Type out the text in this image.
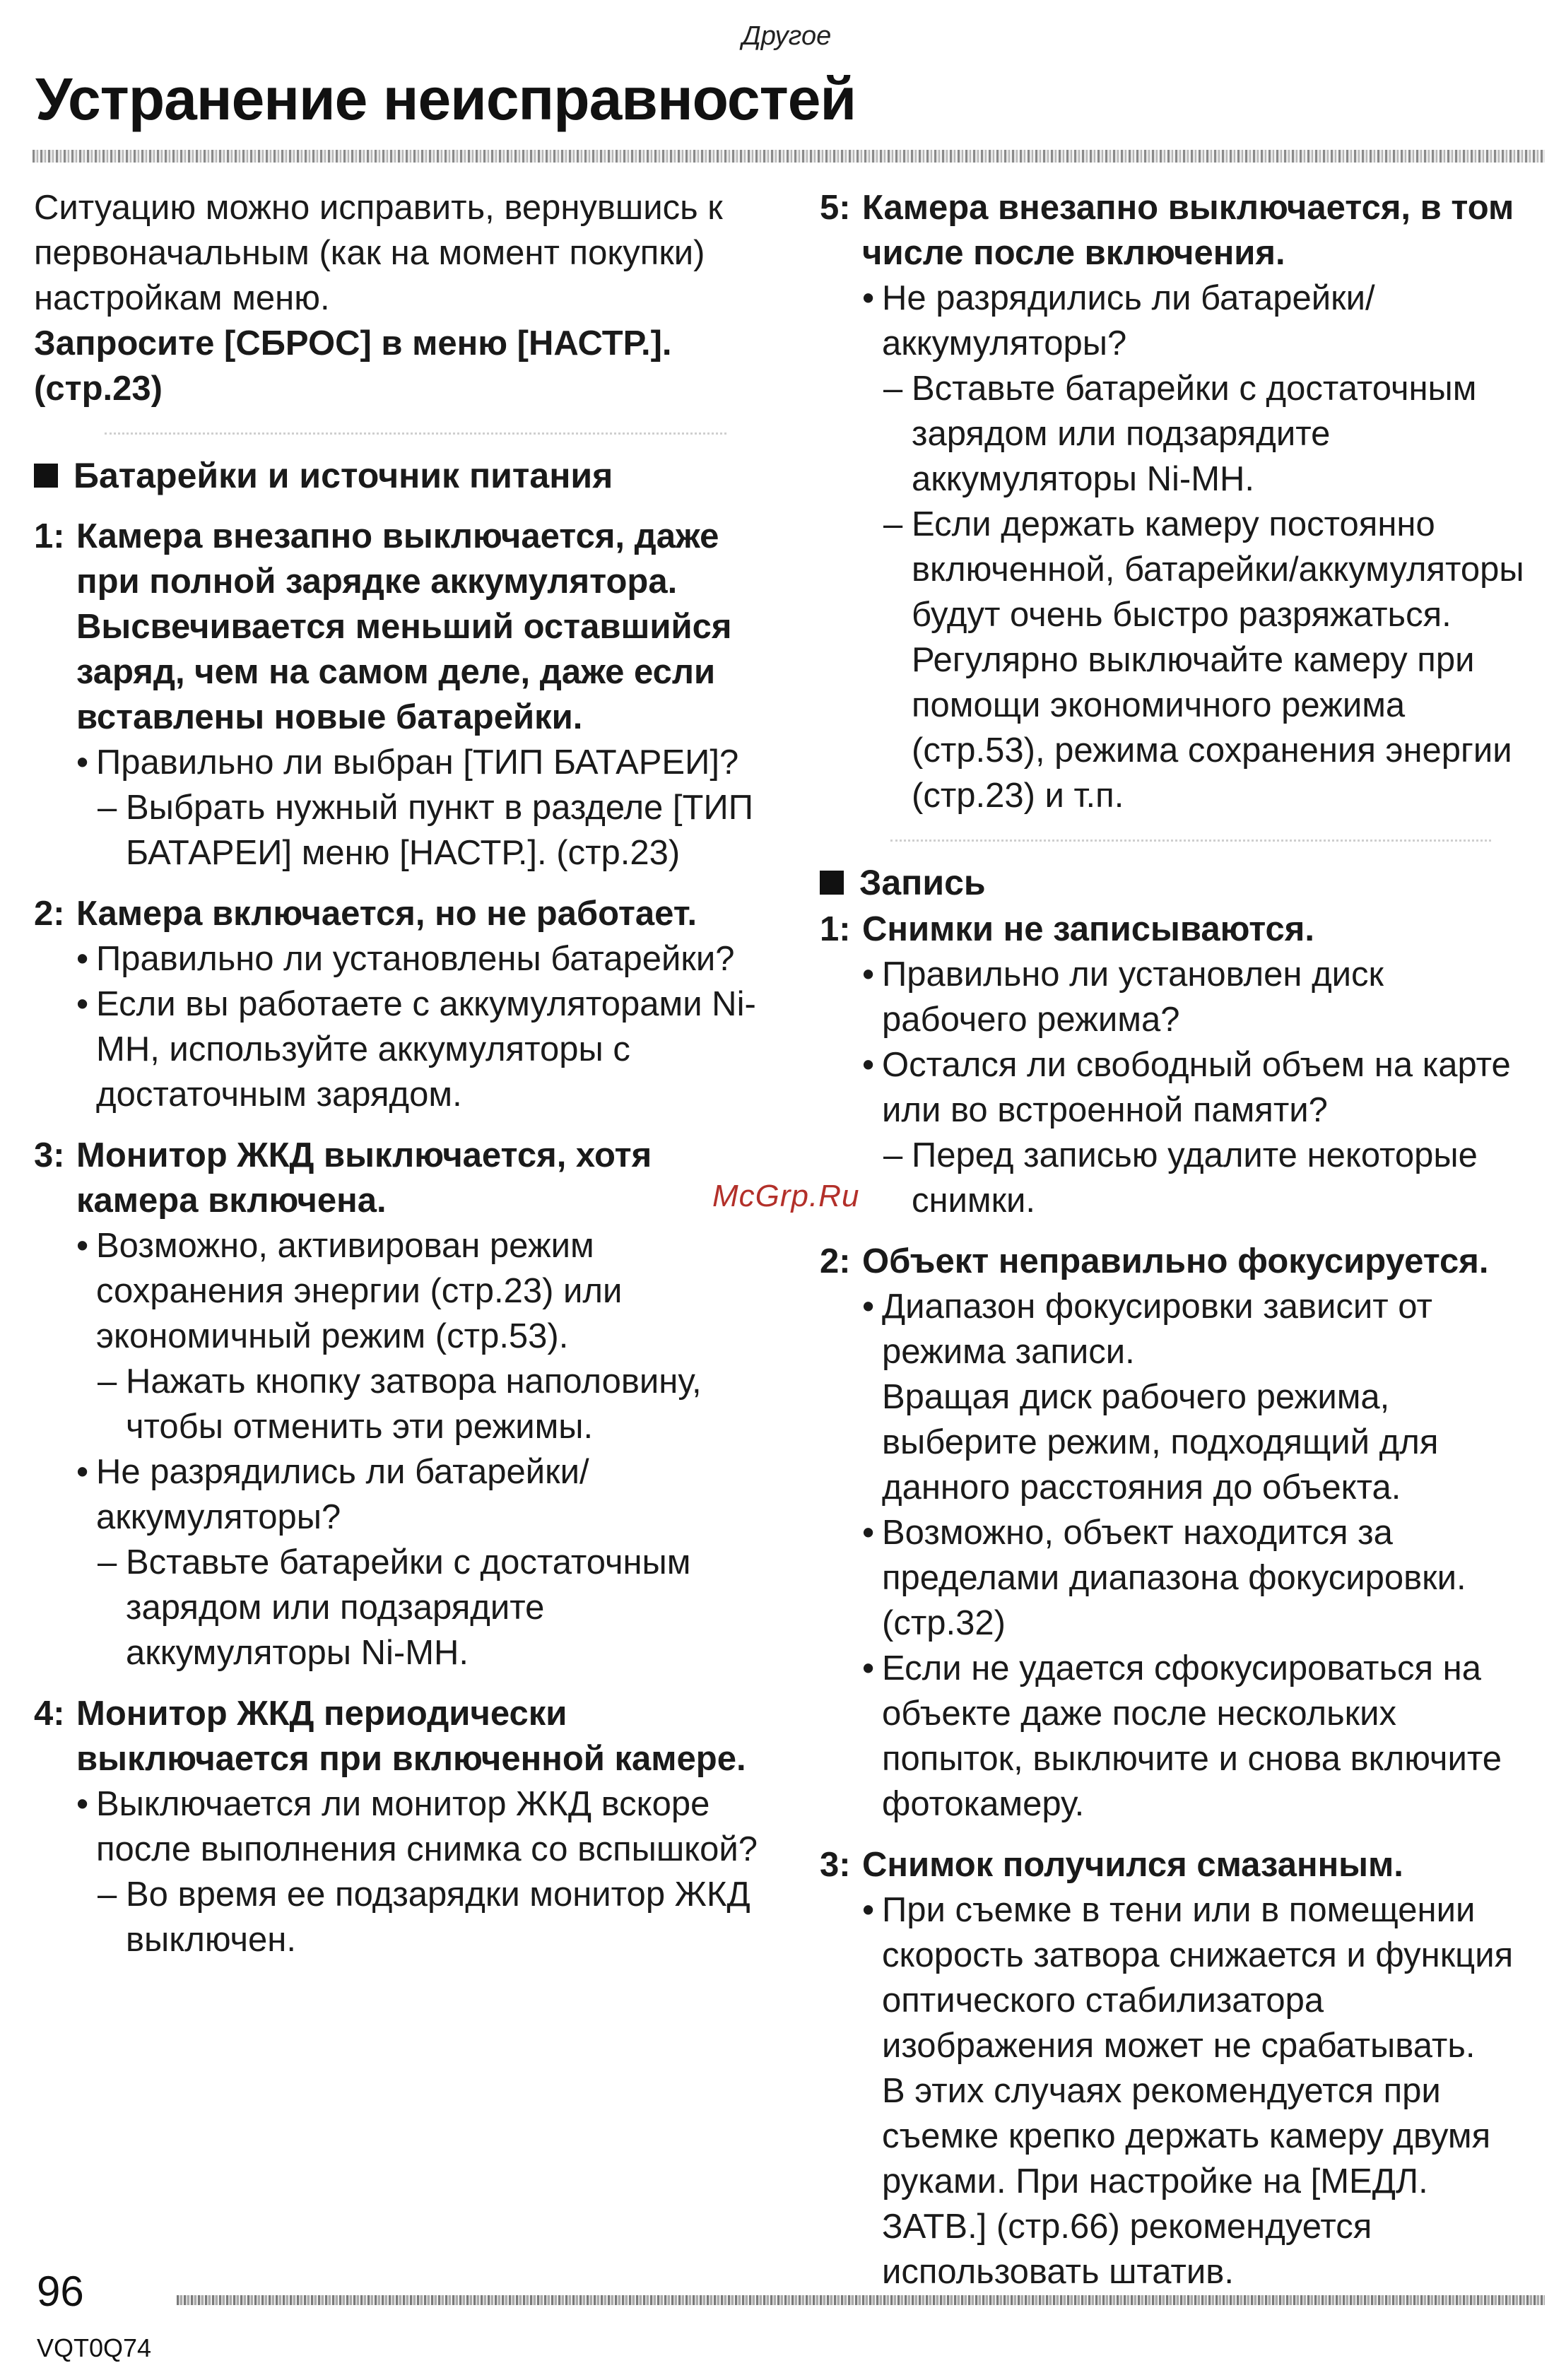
Другое
Устранение неисправностей

Ситуацию можно исправить, вернувшись к первоначальным (как на момент покупки) настройкам меню.

Запросите [СБРОС] в меню [НАСТР.]. (стр.23)

Батарейки и источник питания

1: Камера внезапно выключается, даже при полной зарядке аккумулятора. Высвечивается меньший оставшийся заряд, чем на самом деле, даже если вставлены новые батарейки.
• Правильно ли выбран [ТИП БАТАРЕИ]?
– Выбрать нужный пункт в разделе [ТИП БАТАРЕИ] меню [НАСТР.]. (стр.23)
2: Камера включается, но не работает.
• Правильно ли установлены батарейки?
• Если вы работаете с аккумуляторами Ni-MH, используйте аккумуляторы с достаточным зарядом.
3: Монитор ЖКД выключается, хотя камера включена.
• Возможно, активирован режим сохранения энергии (стр.23) или экономичный режим (стр.53).
– Нажать кнопку затвора наполовину, чтобы отменить эти режимы.
• Не разрядились ли батарейки/аккумуляторы?
– Вставьте батарейки с достаточным зарядом или подзарядите аккумуляторы Ni-MH.
4: Монитор ЖКД периодически выключается при включенной камере.
• Выключается ли монитор ЖКД вскоре после выполнения снимка со вспышкой?
– Во время ее подзарядки монитор ЖКД выключен.
5: Камера внезапно выключается, в том числе после включения.
• Не разрядились ли батарейки/аккумуляторы?
– Вставьте батарейки с достаточным зарядом или подзарядите аккумуляторы Ni-MH.
– Если держать камеру постоянно включенной, батарейки/аккумуляторы будут очень быстро разряжаться. Регулярно выключайте камеру при помощи экономичного режима (стр.53), режима сохранения энергии (стр.23) и т.п.

Запись

1: Снимки не записываются.
• Правильно ли установлен диск рабочего режима?
• Остался ли свободный объем на карте или во встроенной памяти?
– Перед записью удалите некоторые снимки.
2: Объект неправильно фокусируется.
• Диапазон фокусировки зависит от режима записи.
Вращая диск рабочего режима, выберите режим, подходящий для данного расстояния до объекта.
• Возможно, объект находится за пределами диапазона фокусировки. (стр.32)
• Если не удается сфокусироваться на объекте даже после нескольких попыток, выключите и снова включите фотокамеру.
3: Снимок получился смазанным.
• При съемке в тени или в помещении скорость затвора снижается и функция оптического стабилизатора изображения может не срабатывать.
В этих случаях рекомендуется при съемке крепко держать камеру двумя руками. При настройке на [МЕДЛ. ЗАТВ.] (стр.66) рекомендуется использовать штатив.
McGrp.Ru
96
VQT0Q74
